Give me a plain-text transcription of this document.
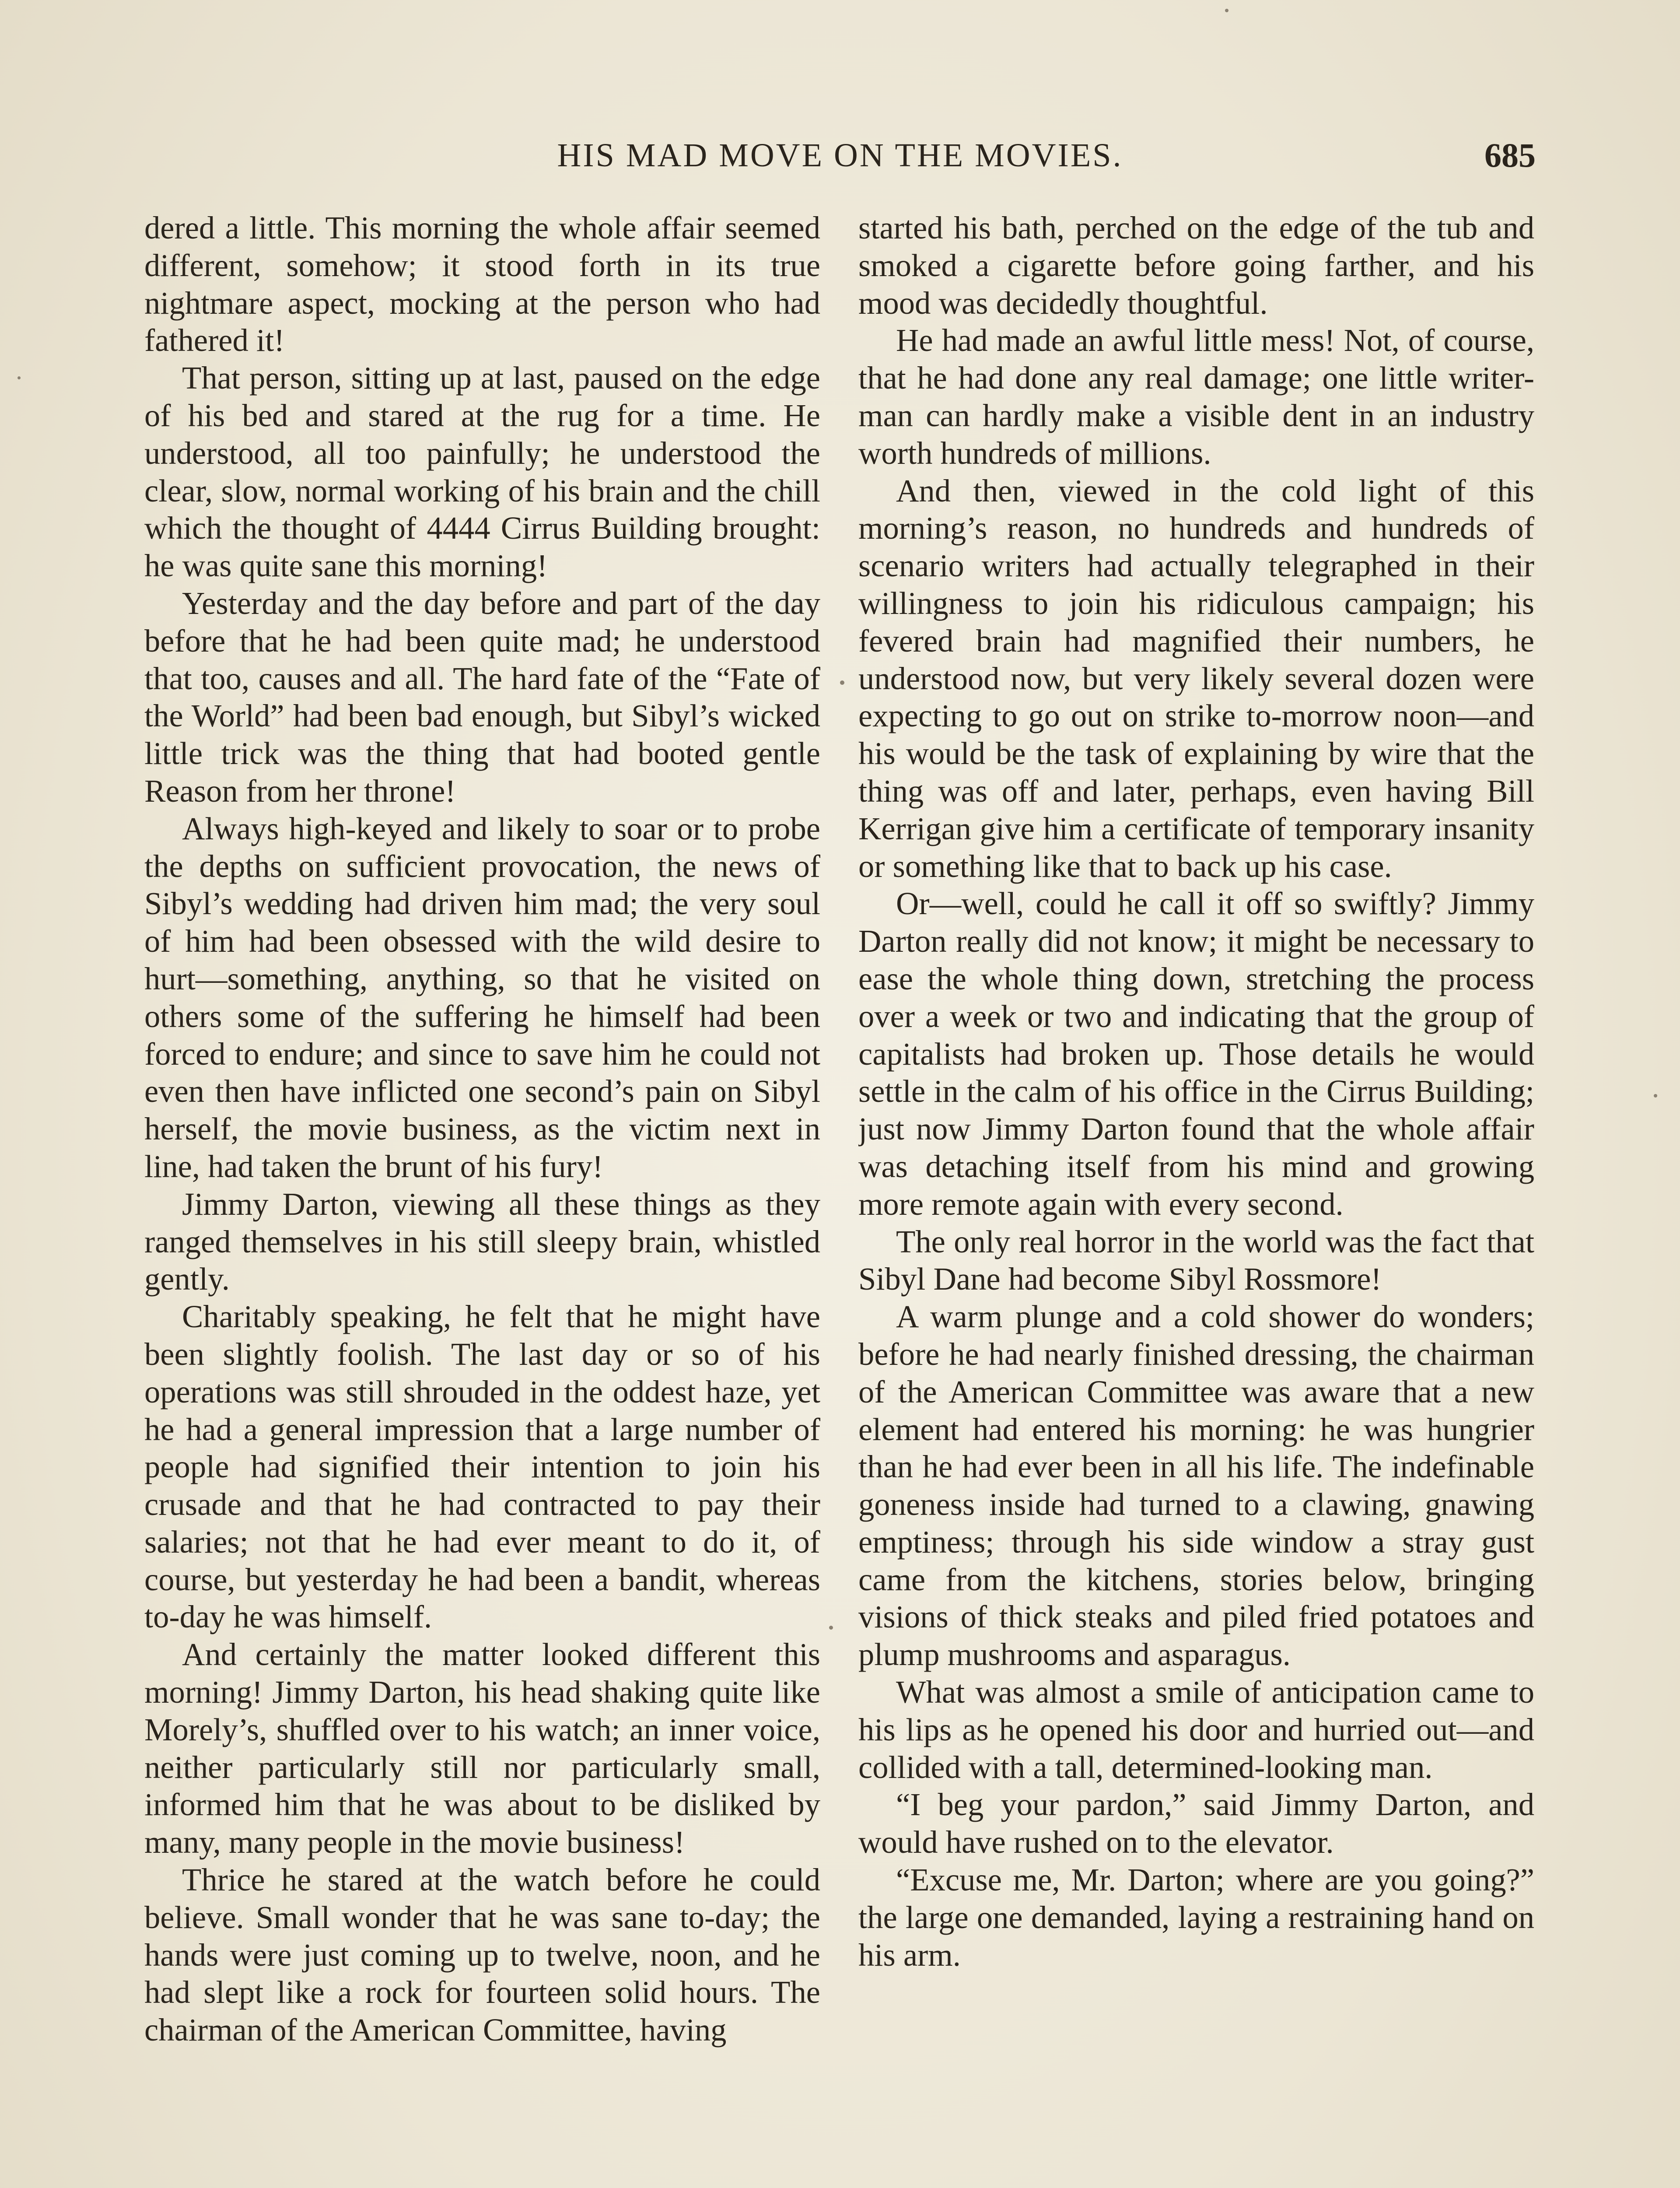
HIS MAD MOVE ON THE MOVIES.	685

dered a little. This morning the whole affair seemed different, somehow; it stood forth in its true nightmare aspect, mocking at the person who had fathered it!

That person, sitting up at last, paused on the edge of his bed and stared at the rug for a time. He understood, all too painfully; he understood the clear, slow, normal working of his brain and the chill which the thought of 4444 Cirrus Building brought: he was quite sane this morning!

Yesterday and the day before and part of the day before that he had been quite mad; he understood that too, causes and all. The hard fate of the “Fate of the World” had been bad enough, but Sibyl’s wicked little trick was the thing that had booted gentle Reason from her throne!

Always high-keyed and likely to soar or to probe the depths on sufficient provocation, the news of Sibyl’s wedding had driven him mad; the very soul of him had been obsessed with the wild desire to hurt—something, anything, so that he visited on others some of the suffering he himself had been forced to endure; and since to save him he could not even then have inflicted one second’s pain on Sibyl herself, the movie business, as the victim next in line, had taken the brunt of his fury!

Jimmy Darton, viewing all these things as they ranged themselves in his still sleepy brain, whistled gently.

Charitably speaking, he felt that he might have been slightly foolish. The last day or so of his operations was still shrouded in the oddest haze, yet he had a general impression that a large number of people had signified their intention to join his crusade and that he had contracted to pay their salaries; not that he had ever meant to do it, of course, but yesterday he had been a bandit, whereas to-day he was himself.

And certainly the matter looked different this morning! Jimmy Darton, his head shaking quite like Morely’s, shuffled over to his watch; an inner voice, neither particularly still nor particularly small, informed him that he was about to be disliked by many, many people in the movie business!

Thrice he stared at the watch before he could believe. Small wonder that he was sane to-day; the hands were just coming up to twelve, noon, and he had slept like a rock for fourteen solid hours. The chairman of the American Committee, having

started his bath, perched on the edge of the tub and smoked a cigarette before going farther, and his mood was decidedly thoughtful.

He had made an awful little mess! Not, of course, that he had done any real damage; one little writer-man can hardly make a visible dent in an industry worth hundreds of millions.

And then, viewed in the cold light of this morning’s reason, no hundreds and hundreds of scenario writers had actually telegraphed in their willingness to join his ridiculous campaign; his fevered brain had magnified their numbers, he understood now, but very likely several dozen were expecting to go out on strike to-morrow noon—and his would be the task of explaining by wire that the thing was off and later, perhaps, even having Bill Kerrigan give him a certificate of temporary insanity or something like that to back up his case.

Or—well, could he call it off so swiftly? Jimmy Darton really did not know; it might be necessary to ease the whole thing down, stretching the process over a week or two and indicating that the group of capitalists had broken up. Those details he would settle in the calm of his office in the Cirrus Building; just now Jimmy Darton found that the whole affair was detaching itself from his mind and growing more remote again with every second.

The only real horror in the world was the fact that Sibyl Dane had become Sibyl Rossmore!

A warm plunge and a cold shower do wonders; before he had nearly finished dressing, the chairman of the American Committee was aware that a new element had entered his morning: he was hungrier than he had ever been in all his life. The indefinable goneness inside had turned to a clawing, gnawing emptiness; through his side window a stray gust came from the kitchens, stories below, bringing visions of thick steaks and piled fried potatoes and plump mushrooms and asparagus.

What was almost a smile of anticipation came to his lips as he opened his door and hurried out—and collided with a tall, determined-looking man.

“I beg your pardon,” said Jimmy Darton, and would have rushed on to the elevator.

“Excuse me, Mr. Darton; where are you going?” the large one demanded, laying a restraining hand on his arm.
